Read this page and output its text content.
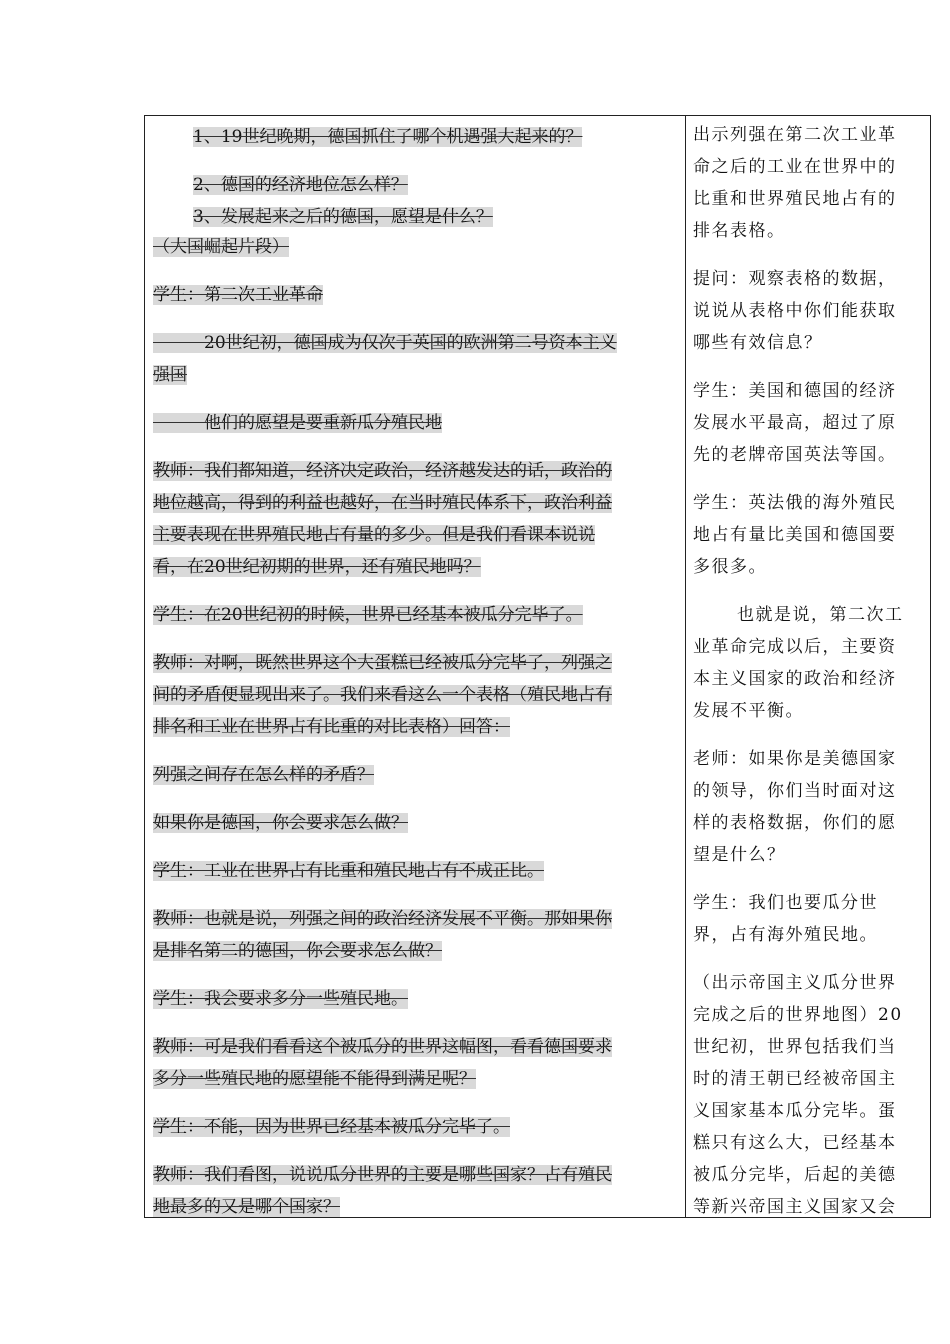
1、19世纪晚期，德国抓住了哪个机遇强大起来的？
2、德国的经济地位怎么样？
3、发展起来之后的德国，愿望是什么？
（大国崛起片段）
学生：第二次工业革命
　　　20世纪初，德国成为仅次于英国的欧洲第二号资本主义
强国
　　　他们的愿望是要重新瓜分殖民地
教师：我们都知道，经济决定政治，经济越发达的话，政治的
地位越高，得到的利益也越好，在当时殖民体系下，政治利益
主要表现在世界殖民地占有量的多少。但是我们看课本说说
看，在20世纪初期的世界，还有殖民地吗？
学生：在20世纪初的时候，世界已经基本被瓜分完毕了。
教师：对啊，既然世界这个大蛋糕已经被瓜分完毕了，列强之
间的矛盾便显现出来了。我们来看这么一个表格（殖民地占有
排名和工业在世界占有比重的对比表格）回答：
列强之间存在怎么样的矛盾？
如果你是德国，你会要求怎么做？
学生：工业在世界占有比重和殖民地占有不成正比。
教师：也就是说，列强之间的政治经济发展不平衡。那如果你
是排名第二的德国，你会要求怎么做？
学生：我会要求多分一些殖民地。
教师：可是我们看看这个被瓜分的世界这幅图，看看德国要求
多分一些殖民地的愿望能不能得到满足呢？
学生：不能，因为世界已经基本被瓜分完毕了。
教师：我们看图，说说瓜分世界的主要是哪些国家？占有殖民
地最多的又是哪个国家？
出示列强在第二次工业革
命之后的工业在世界中的
比重和世界殖民地占有的
排名表格。
提问：观察表格的数据，
说说从表格中你们能获取
哪些有效信息？
学生：美国和德国的经济
发展水平最高，超过了原
先的老牌帝国英法等国。
学生：英法俄的海外殖民
地占有量比美国和德国要
多很多。
也就是说，第二次工
业革命完成以后，主要资
本主义国家的政治和经济
发展不平衡。
老师：如果你是美德国家
的领导，你们当时面对这
样的表格数据，你们的愿
望是什么？
学生：我们也要瓜分世
界，占有海外殖民地。
（出示帝国主义瓜分世界
完成之后的世界地图）20
世纪初，世界包括我们当
时的清王朝已经被帝国主
义国家基本瓜分完毕。蛋
糕只有这么大，已经基本
被瓜分完毕，后起的美德
等新兴帝国主义国家又会
